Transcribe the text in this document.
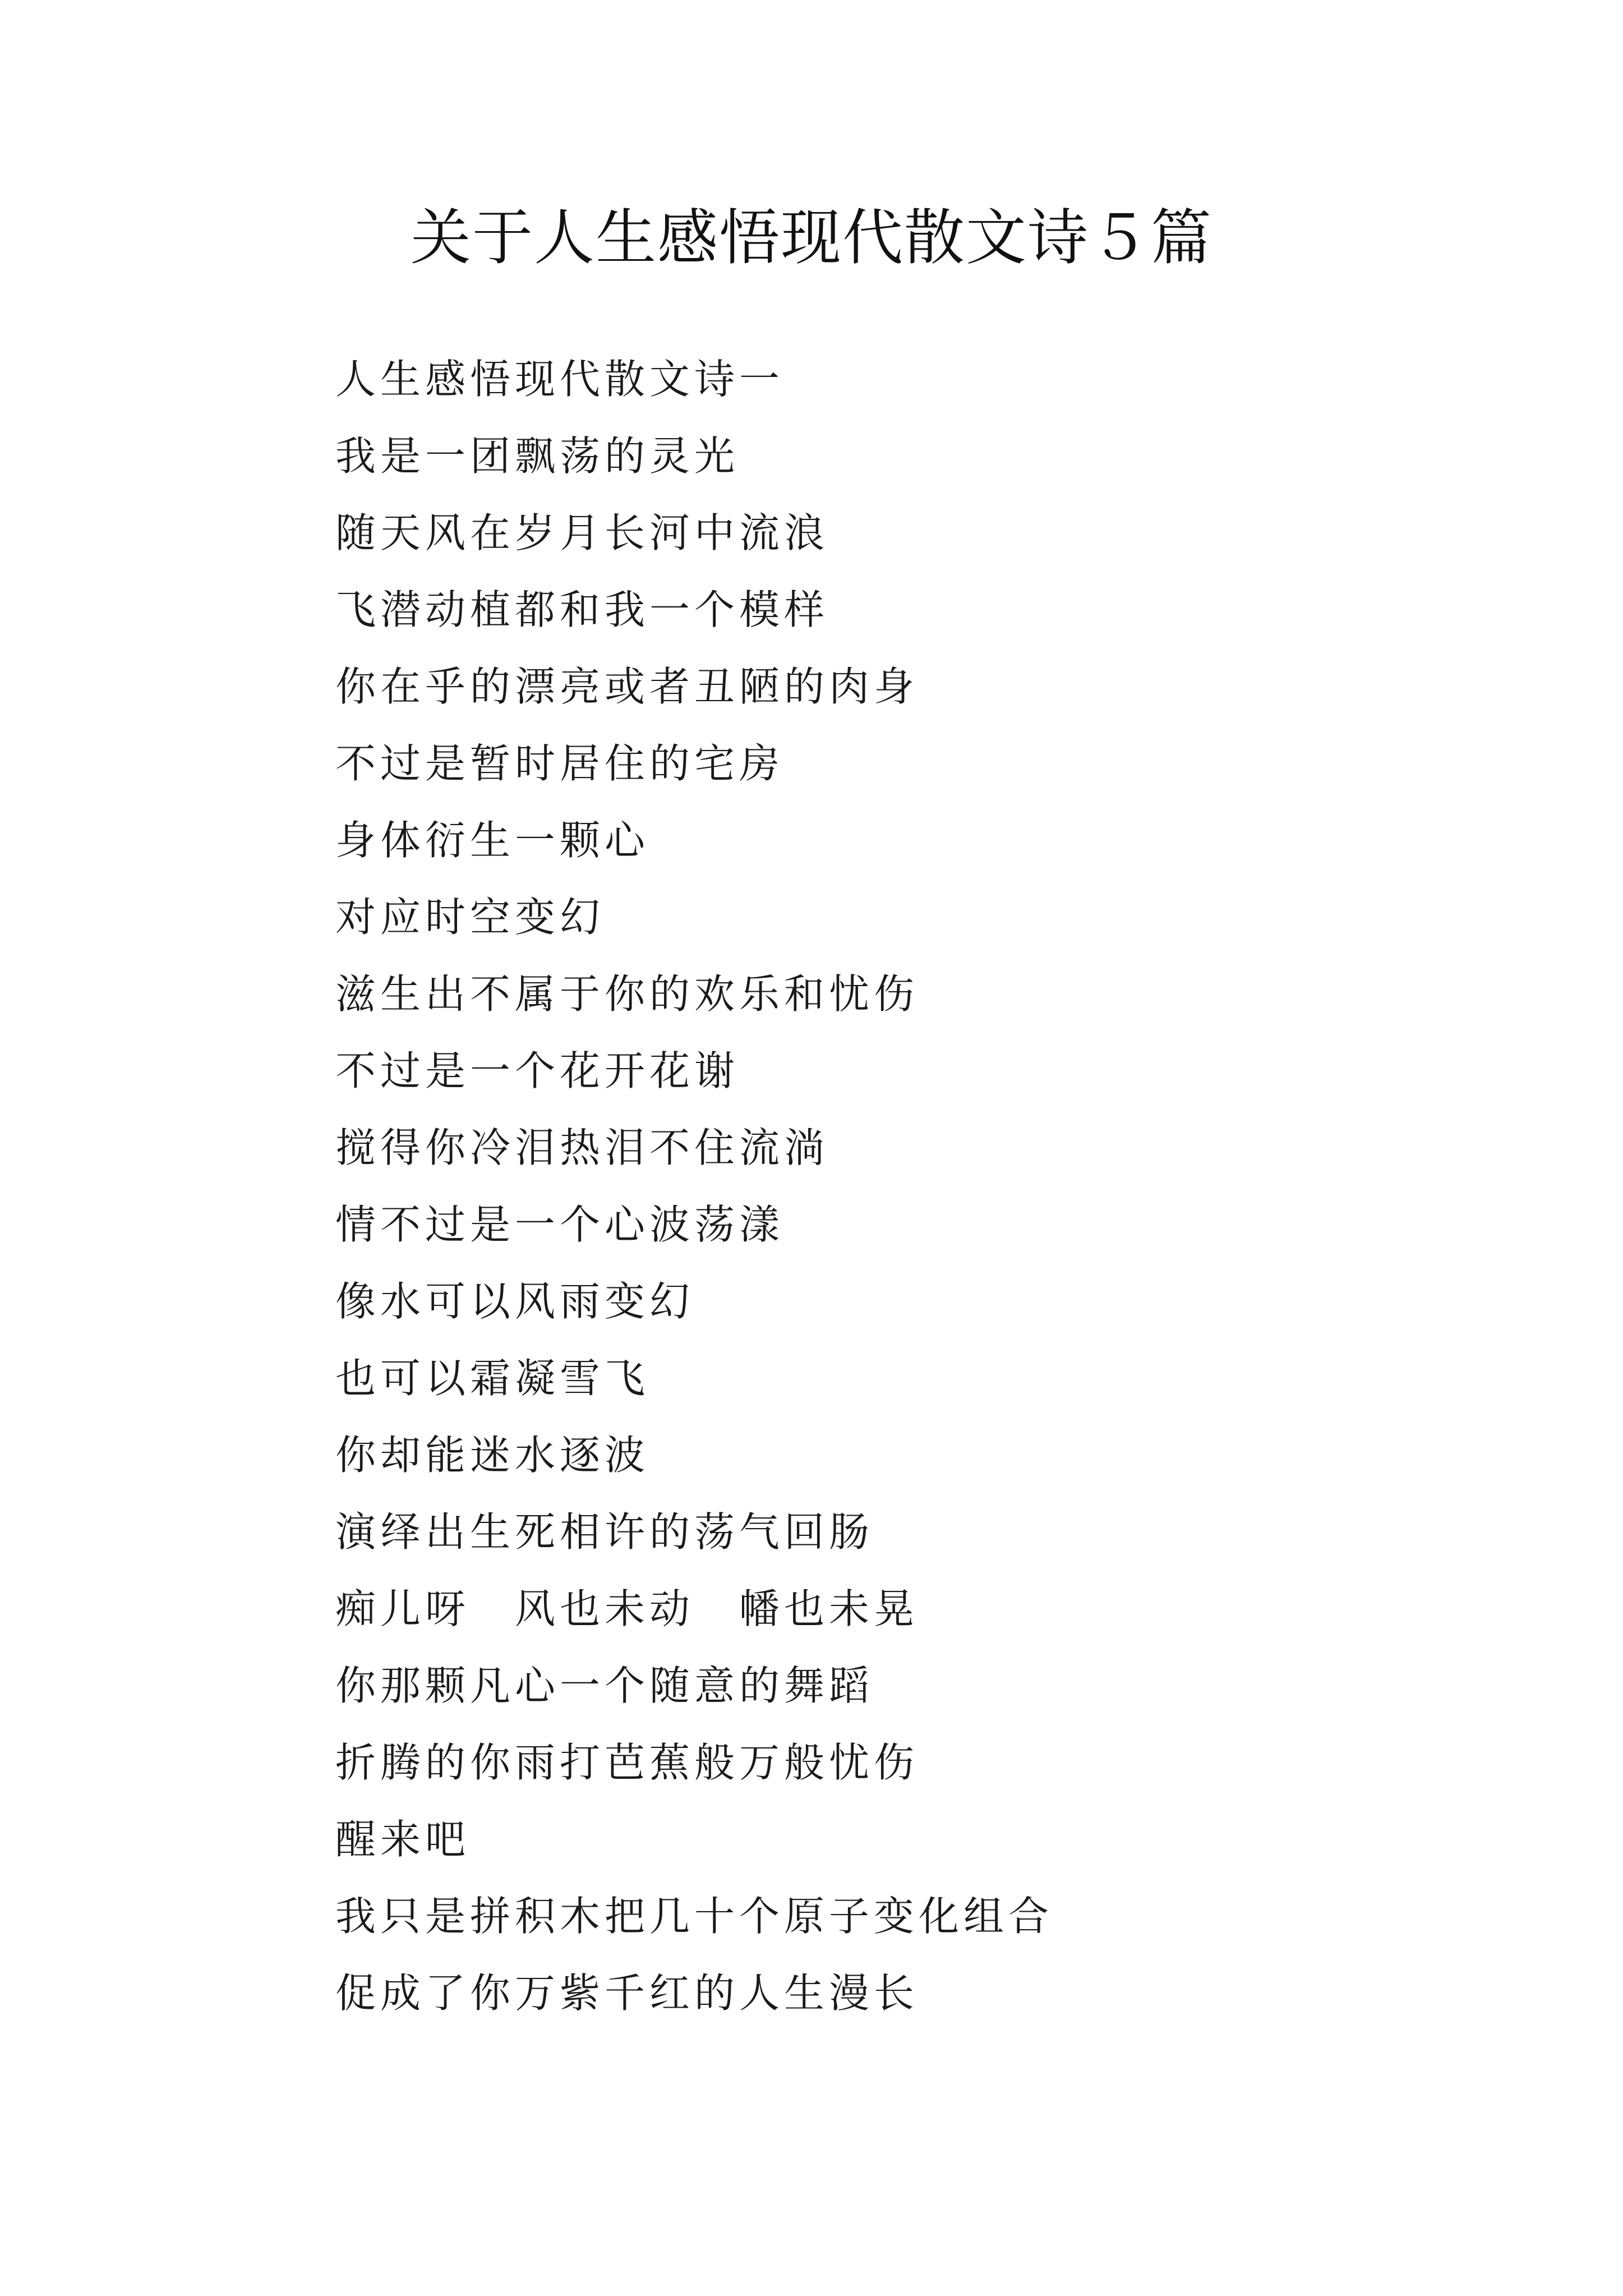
关于人生感悟现代散文诗５篇
人生感悟现代散文诗一
我是一团飘荡的灵光
随天风在岁月长河中流浪
飞潜动植都和我一个模样
你在乎的漂亮或者丑陋的肉身
不过是暂时居住的宅房
身体衍生一颗心
对应时空变幻
滋生出不属于你的欢乐和忧伤
不过是一个花开花谢
搅得你冷泪热泪不住流淌
情不过是一个心波荡漾
像水可以风雨变幻
也可以霜凝雪飞
你却能迷水逐波
演绎出生死相许的荡气回肠
痴儿呀　风也未动　幡也未晃
你那颗凡心一个随意的舞蹈
折腾的你雨打芭蕉般万般忧伤
醒来吧
我只是拼积木把几十个原子变化组合
促成了你万紫千红的人生漫长
